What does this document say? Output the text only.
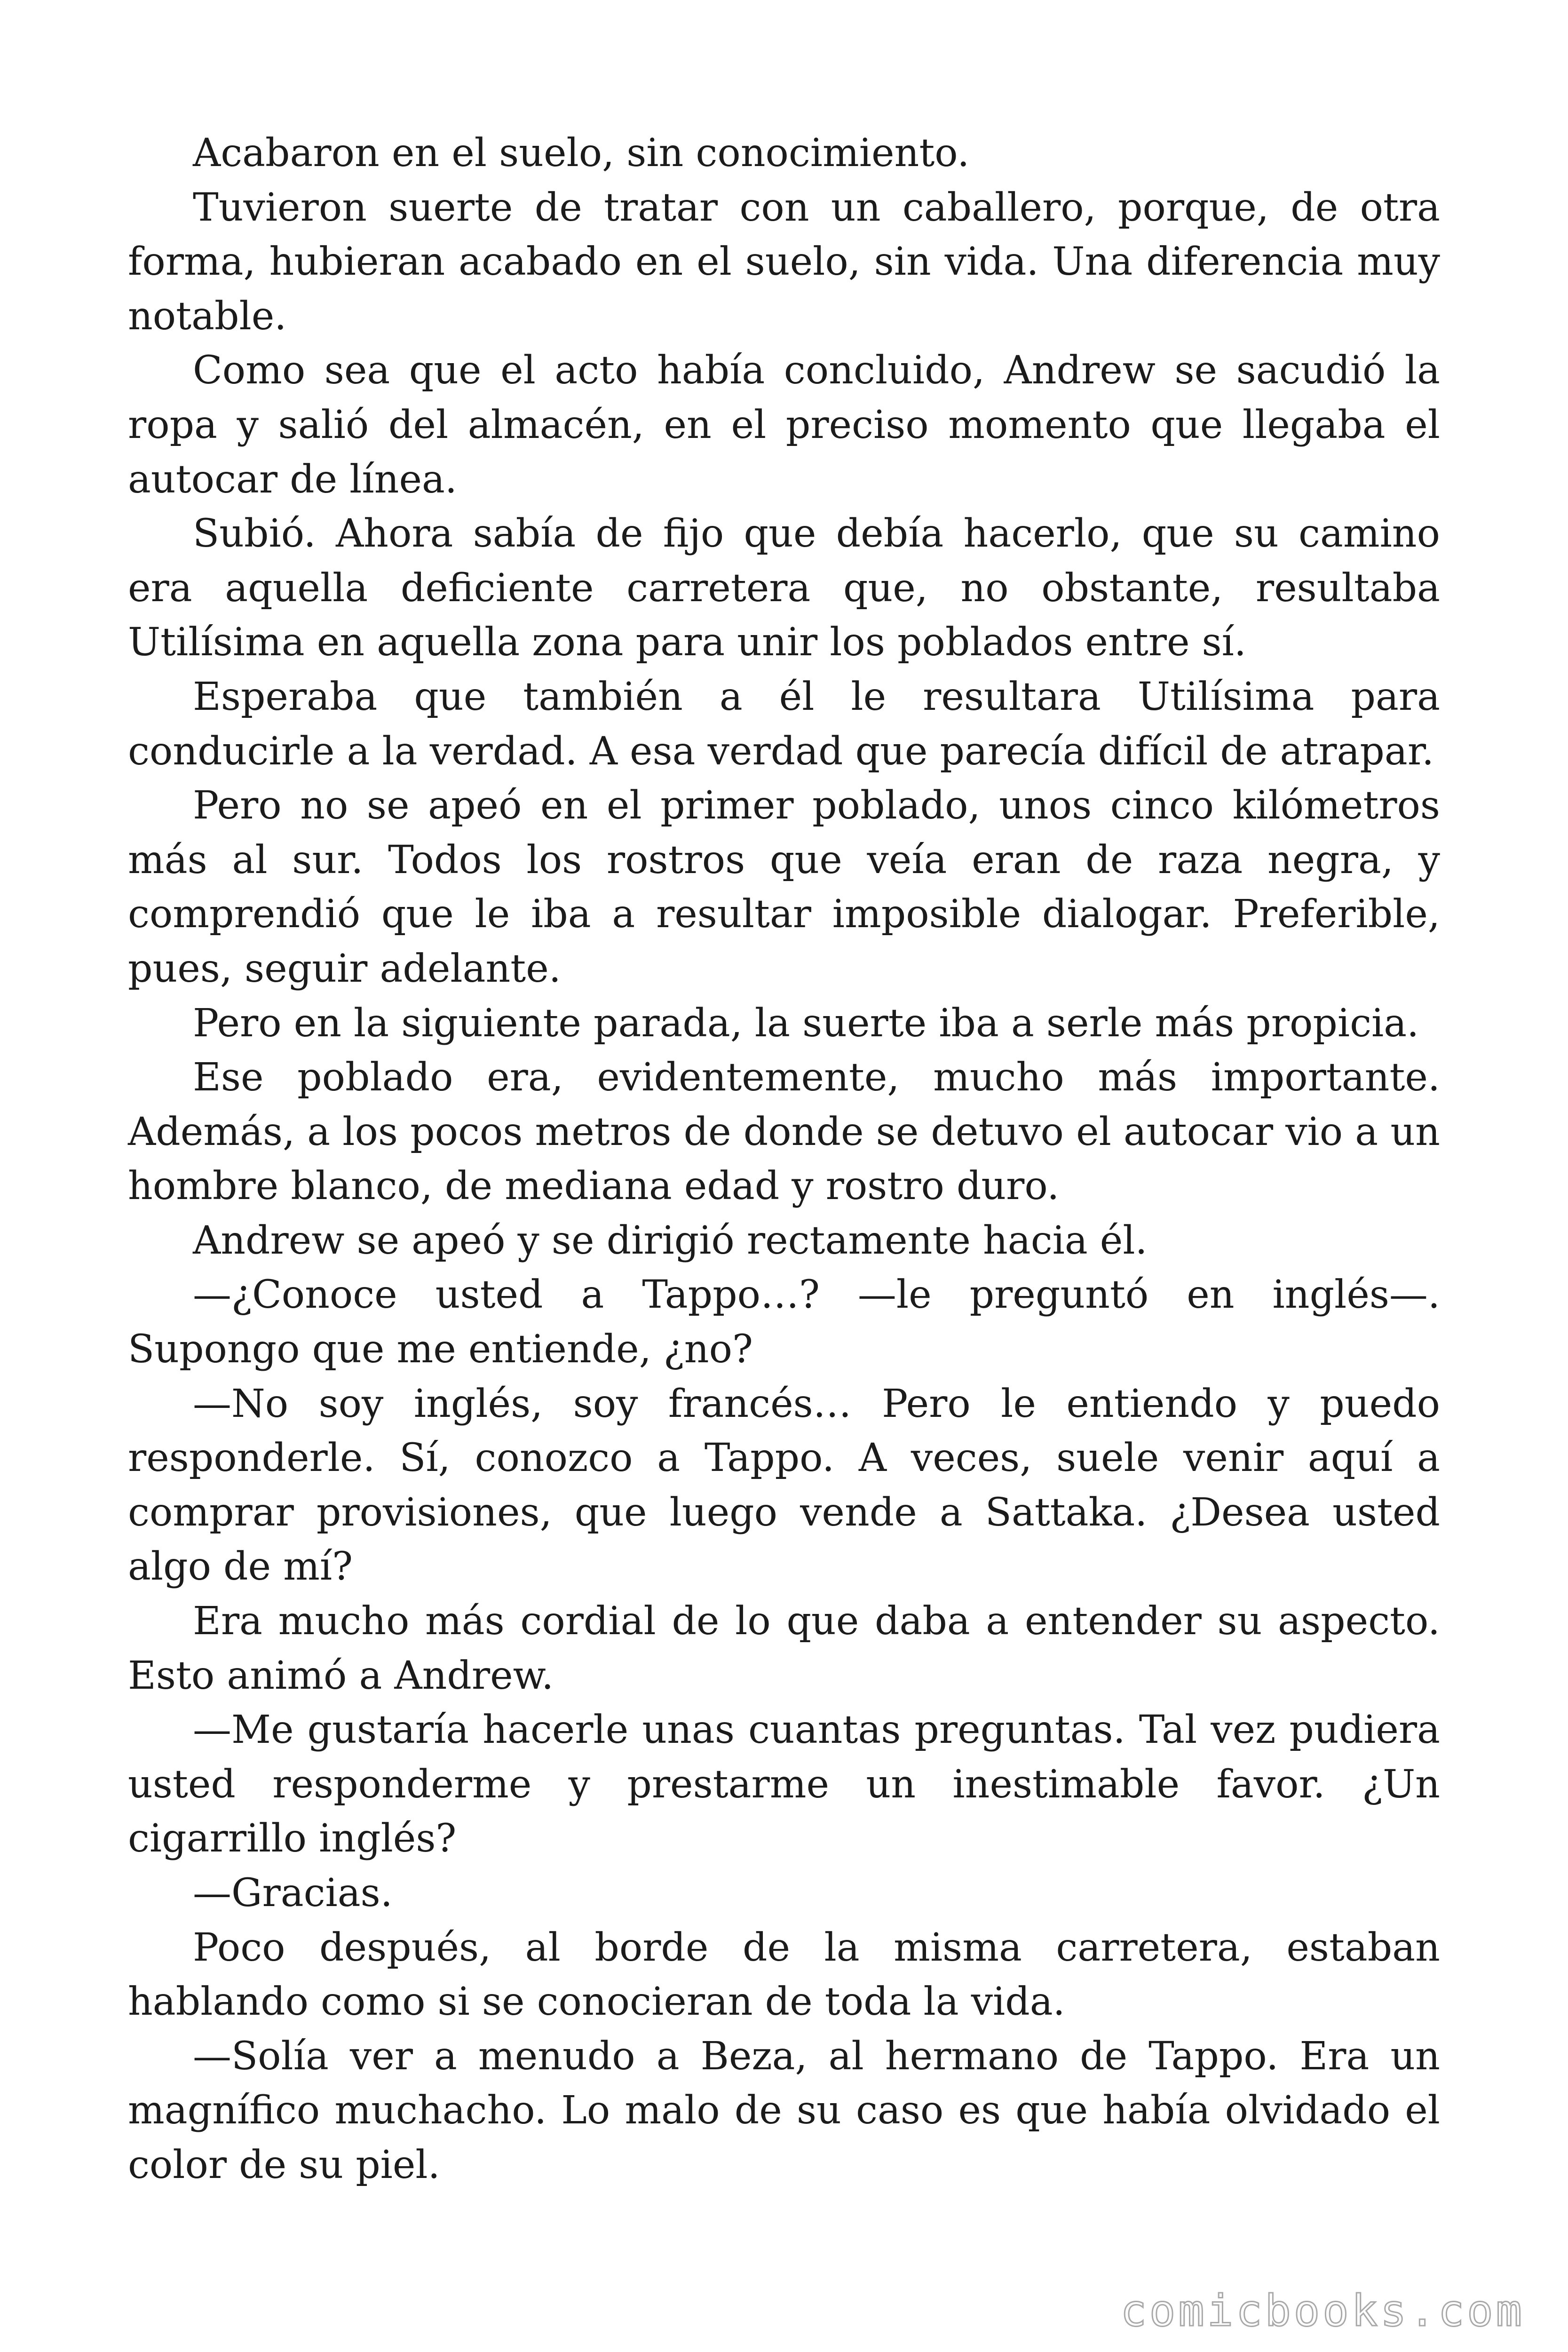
Acabaron en el suelo, sin conocimiento.

Tuvieron suerte de tratar con un caballero, porque, de otra forma, hubieran acabado en el suelo, sin vida. Una diferencia muy notable.

Como sea que el acto había concluido, Andrew se sacudió la ropa y salió del almacén, en el preciso momento que llegaba el autocar de línea.

Subió. Ahora sabía de fijo que debía hacerlo, que su camino era aquella deficiente carretera que, no obstante, resultaba Utilísima en aquella zona para unir los poblados entre sí.

Esperaba que también a él le resultara Utilísima para conducirle a la verdad. A esa verdad que parecía difícil de atrapar.

Pero no se apeó en el primer poblado, unos cinco kilómetros más al sur. Todos los rostros que veía eran de raza negra, y comprendió que le iba a resultar imposible dialogar. Preferible, pues, seguir adelante.

Pero en la siguiente parada, la suerte iba a serle más propicia.

Ese poblado era, evidentemente, mucho más importante. Además, a los pocos metros de donde se detuvo el autocar vio a un hombre blanco, de mediana edad y rostro duro.

Andrew se apeó y se dirigió rectamente hacia él.

—¿Conoce usted a Tappo…? —le preguntó en inglés—. Supongo que me entiende, ¿no?

—No soy inglés, soy francés… Pero le entiendo y puedo responderle. Sí, conozco a Tappo. A veces, suele venir aquí a comprar provisiones, que luego vende a Sattaka. ¿Desea usted algo de mí?

Era mucho más cordial de lo que daba a entender su aspecto. Esto animó a Andrew.

—Me gustaría hacerle unas cuantas preguntas. Tal vez pudiera usted responderme y prestarme un inestimable favor. ¿Un cigarrillo inglés?

—Gracias.

Poco después, al borde de la misma carretera, estaban hablando como si se conocieran de toda la vida.

—Solía ver a menudo a Beza, al hermano de Tappo. Era un magnífico muchacho. Lo malo de su caso es que había olvidado el color de su piel.

comicbooks.com
